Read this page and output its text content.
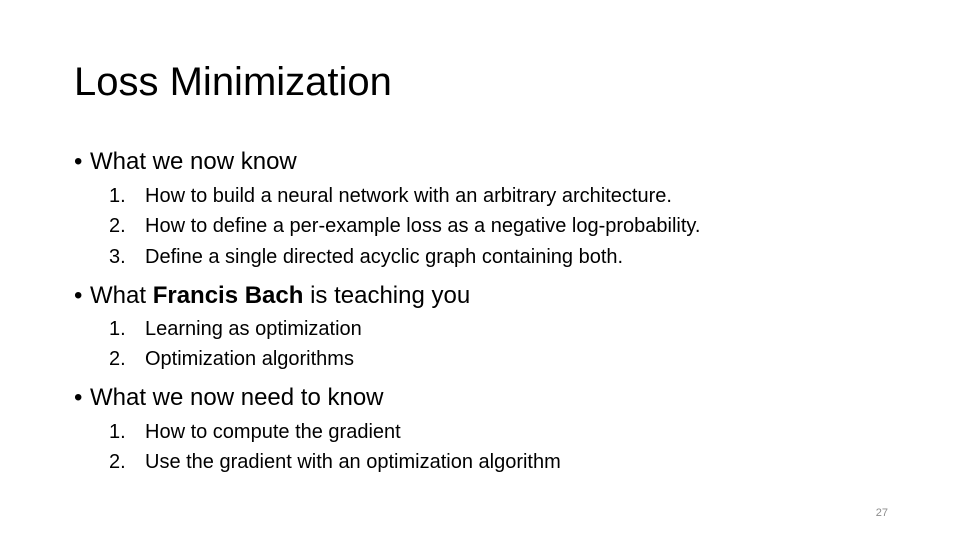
Loss Minimization
• What we now know
1. How to build a neural network with an arbitrary architecture.
2. How to define a per-example loss as a negative log-probability.
3. Define a single directed acyclic graph containing both.
• What Francis Bach is teaching you
1. Learning as optimization
2. Optimization algorithms
• What we now need to know
1. How to compute the gradient
2. Use the gradient with an optimization algorithm
27
